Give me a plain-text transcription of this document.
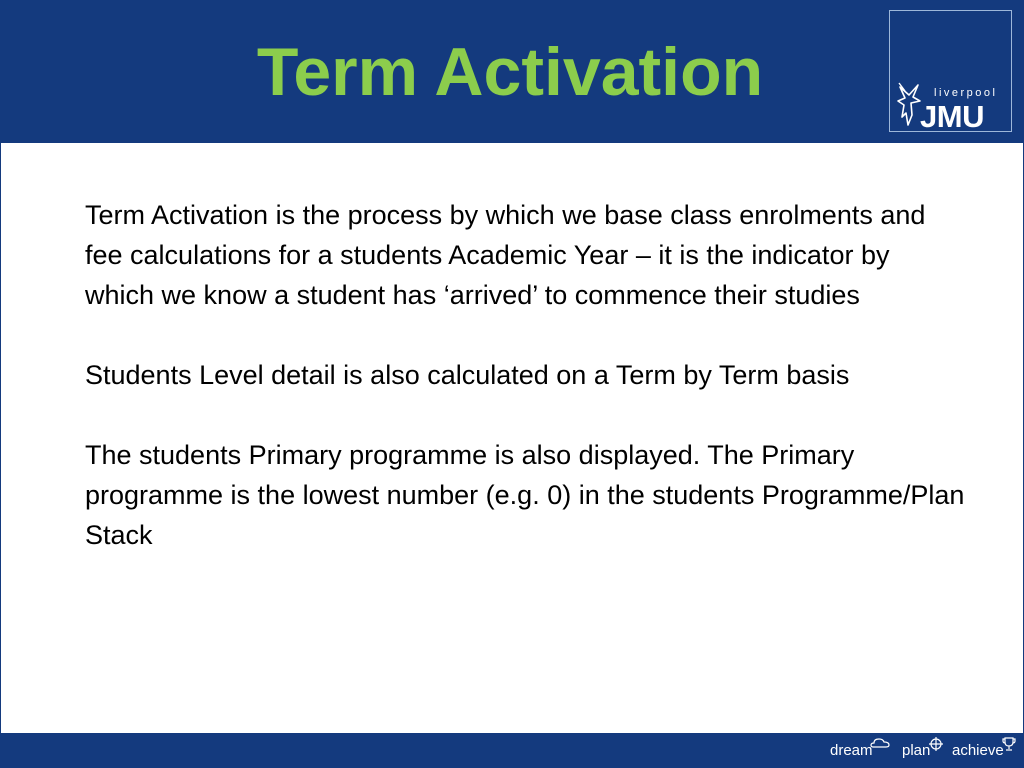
Term Activation	liverpool
JMU

Term Activation is the process by which we base class enrolments and fee calculations for a students Academic Year – it is the indicator by which we know a student has ‘arrived’ to commence their studies

Students Level detail is also calculated on a Term by Term basis

The students Primary programme is also displayed. The Primary programme is the lowest number (e.g. 0) in the students Programme/Plan Stack

dream plan achieve
